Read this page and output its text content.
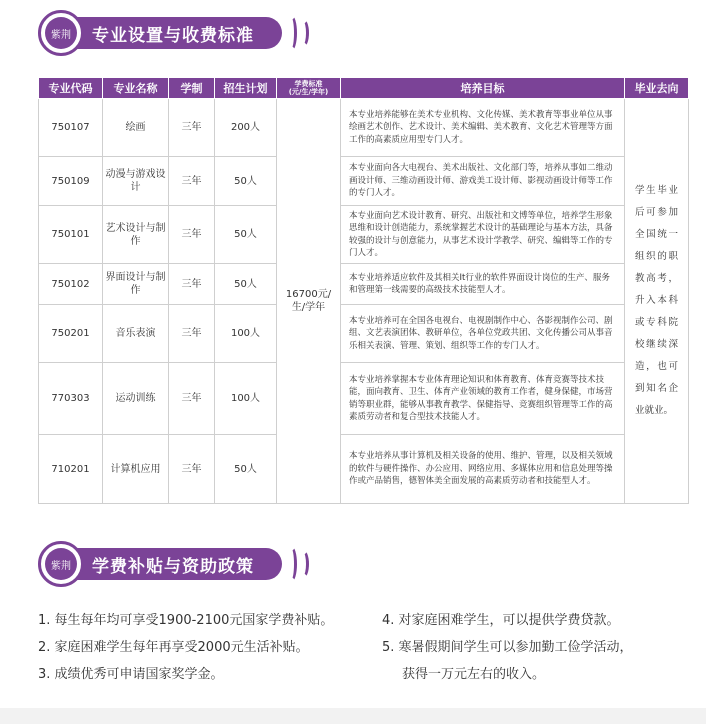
紫荆	专业设置与收费标准
专业代码	专业名称	学制	招生计划	学费标准
(元/生/学年)	培养目标	毕业去向
750107	绘画	三年	200人	16700元/生/学年	本专业培养能够在美术专业机构、文化传媒、美术教育等事业单位从事绘画艺术创作、艺术设计、美术编辑、美术教育、文化艺术管理等方面工作的高素质应用型专门人才。	学生毕业后可参加全国统一组织的职教高考，升入本科或专科院校继续深造，也可到知名企业就业。
750109	动漫与游戏设计	三年	50人		本专业面向各大电视台、美术出版社、文化部门等，培养从事如二维动画设计师、三维动画设计师、游戏美工设计师、影视动画设计师等工作的专门人才。	
750101	艺术设计与制作	三年	50人		本专业面向艺术设计教育、研究、出版社和文博等单位，培养学生形象思维和设计创造能力，系统掌握艺术设计的基础理论与基本方法，具备较强的设计与创意能力，从事艺术设计学教学、研究、编辑等工作的专门人才。	
750102	界面设计与制作	三年	50人		本专业培养适应软件及其相关It行业的软件界面设计岗位的生产、服务和管理第一线需要的高级技术技能型人才。	
750201	音乐表演	三年	100人		本专业培养可在全国各电视台、电视剧制作中心、各影视制作公司、剧组、文艺表演团体、教研单位，各单位党政共团、文化传播公司从事音乐相关表演、管理、策划、组织等工作的专门人才。	
770303	运动训练	三年	100人		本专业培养掌握本专业体育理论知识和体育教育、体育竞赛等技术技能，面向教育、卫生、体育产业领域的教育工作者，健身保健，市场营销等职业群，能够从事教育教学、保健指导、竞赛组织管理等工作的高素质劳动者和复合型技术技能人才。	
710201	计算机应用	三年	50人		本专业培养从事计算机及相关设备的使用、维护、管理，以及相关领域的软件与硬件操作、办公应用、网络应用、多媒体应用和信息处理等操作或产品销售，德智体美全面发展的高素质劳动者和技能型人才。	
紫荆	学费补贴与资助政策
1. 每生每年均可享受1900-2100元国家学费补贴。
2. 家庭困难学生每年再享受2000元生活补贴。
3. 成绩优秀可申请国家奖学金。
4. 对家庭困难学生，可以提供学费贷款。
5. 寒暑假期间学生可以参加勤工俭学活动，
获得一万元左右的收入。
